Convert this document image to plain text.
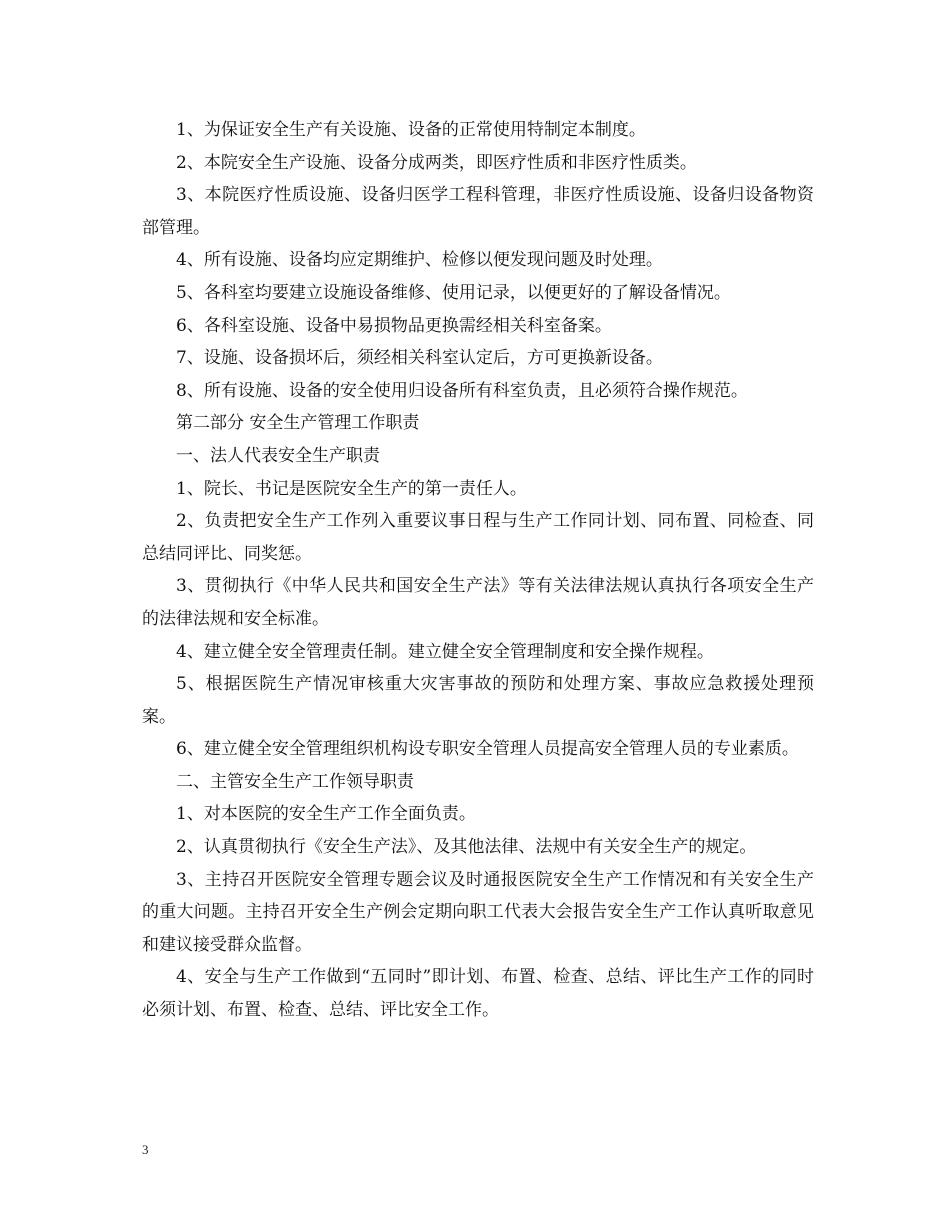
1、为保证安全生产有关设施、设备的正常使用特制定本制度。

2、本院安全生产设施、设备分成两类，即医疗性质和非医疗性质类。

3、本院医疗性质设施、设备归医学工程科管理，非医疗性质设施、设备归设备物资部管理。

4、所有设施、设备均应定期维护、检修以便发现问题及时处理。

5、各科室均要建立设施设备维修、使用记录，以便更好的了解设备情况。

6、各科室设施、设备中易损物品更换需经相关科室备案。

7、设施、设备损坏后，须经相关科室认定后，方可更换新设备。

8、所有设施、设备的安全使用归设备所有科室负责，且必须符合操作规范。

第二部分 安全生产管理工作职责

一、法人代表安全生产职责

1、院长、书记是医院安全生产的第一责任人。

2、负责把安全生产工作列入重要议事日程与生产工作同计划、同布置、同检查、同总结同评比、同奖惩。

3、贯彻执行《中华人民共和国安全生产法》等有关法律法规认真执行各项安全生产的法律法规和安全标准。

4、建立健全安全管理责任制。建立健全安全管理制度和安全操作规程。

5、根据医院生产情况审核重大灾害事故的预防和处理方案、事故应急救援处理预案。

6、建立健全安全管理组织机构设专职安全管理人员提高安全管理人员的专业素质。

二、主管安全生产工作领导职责

1、对本医院的安全生产工作全面负责。

2、认真贯彻执行《安全生产法》、及其他法律、法规中有关安全生产的规定。

3、主持召开医院安全管理专题会议及时通报医院安全生产工作情况和有关安全生产的重大问题。主持召开安全生产例会定期向职工代表大会报告安全生产工作认真听取意见和建议接受群众监督。

4、安全与生产工作做到“五同时”即计划、布置、检查、总结、评比生产工作的同时必须计划、布置、检查、总结、评比安全工作。

3
